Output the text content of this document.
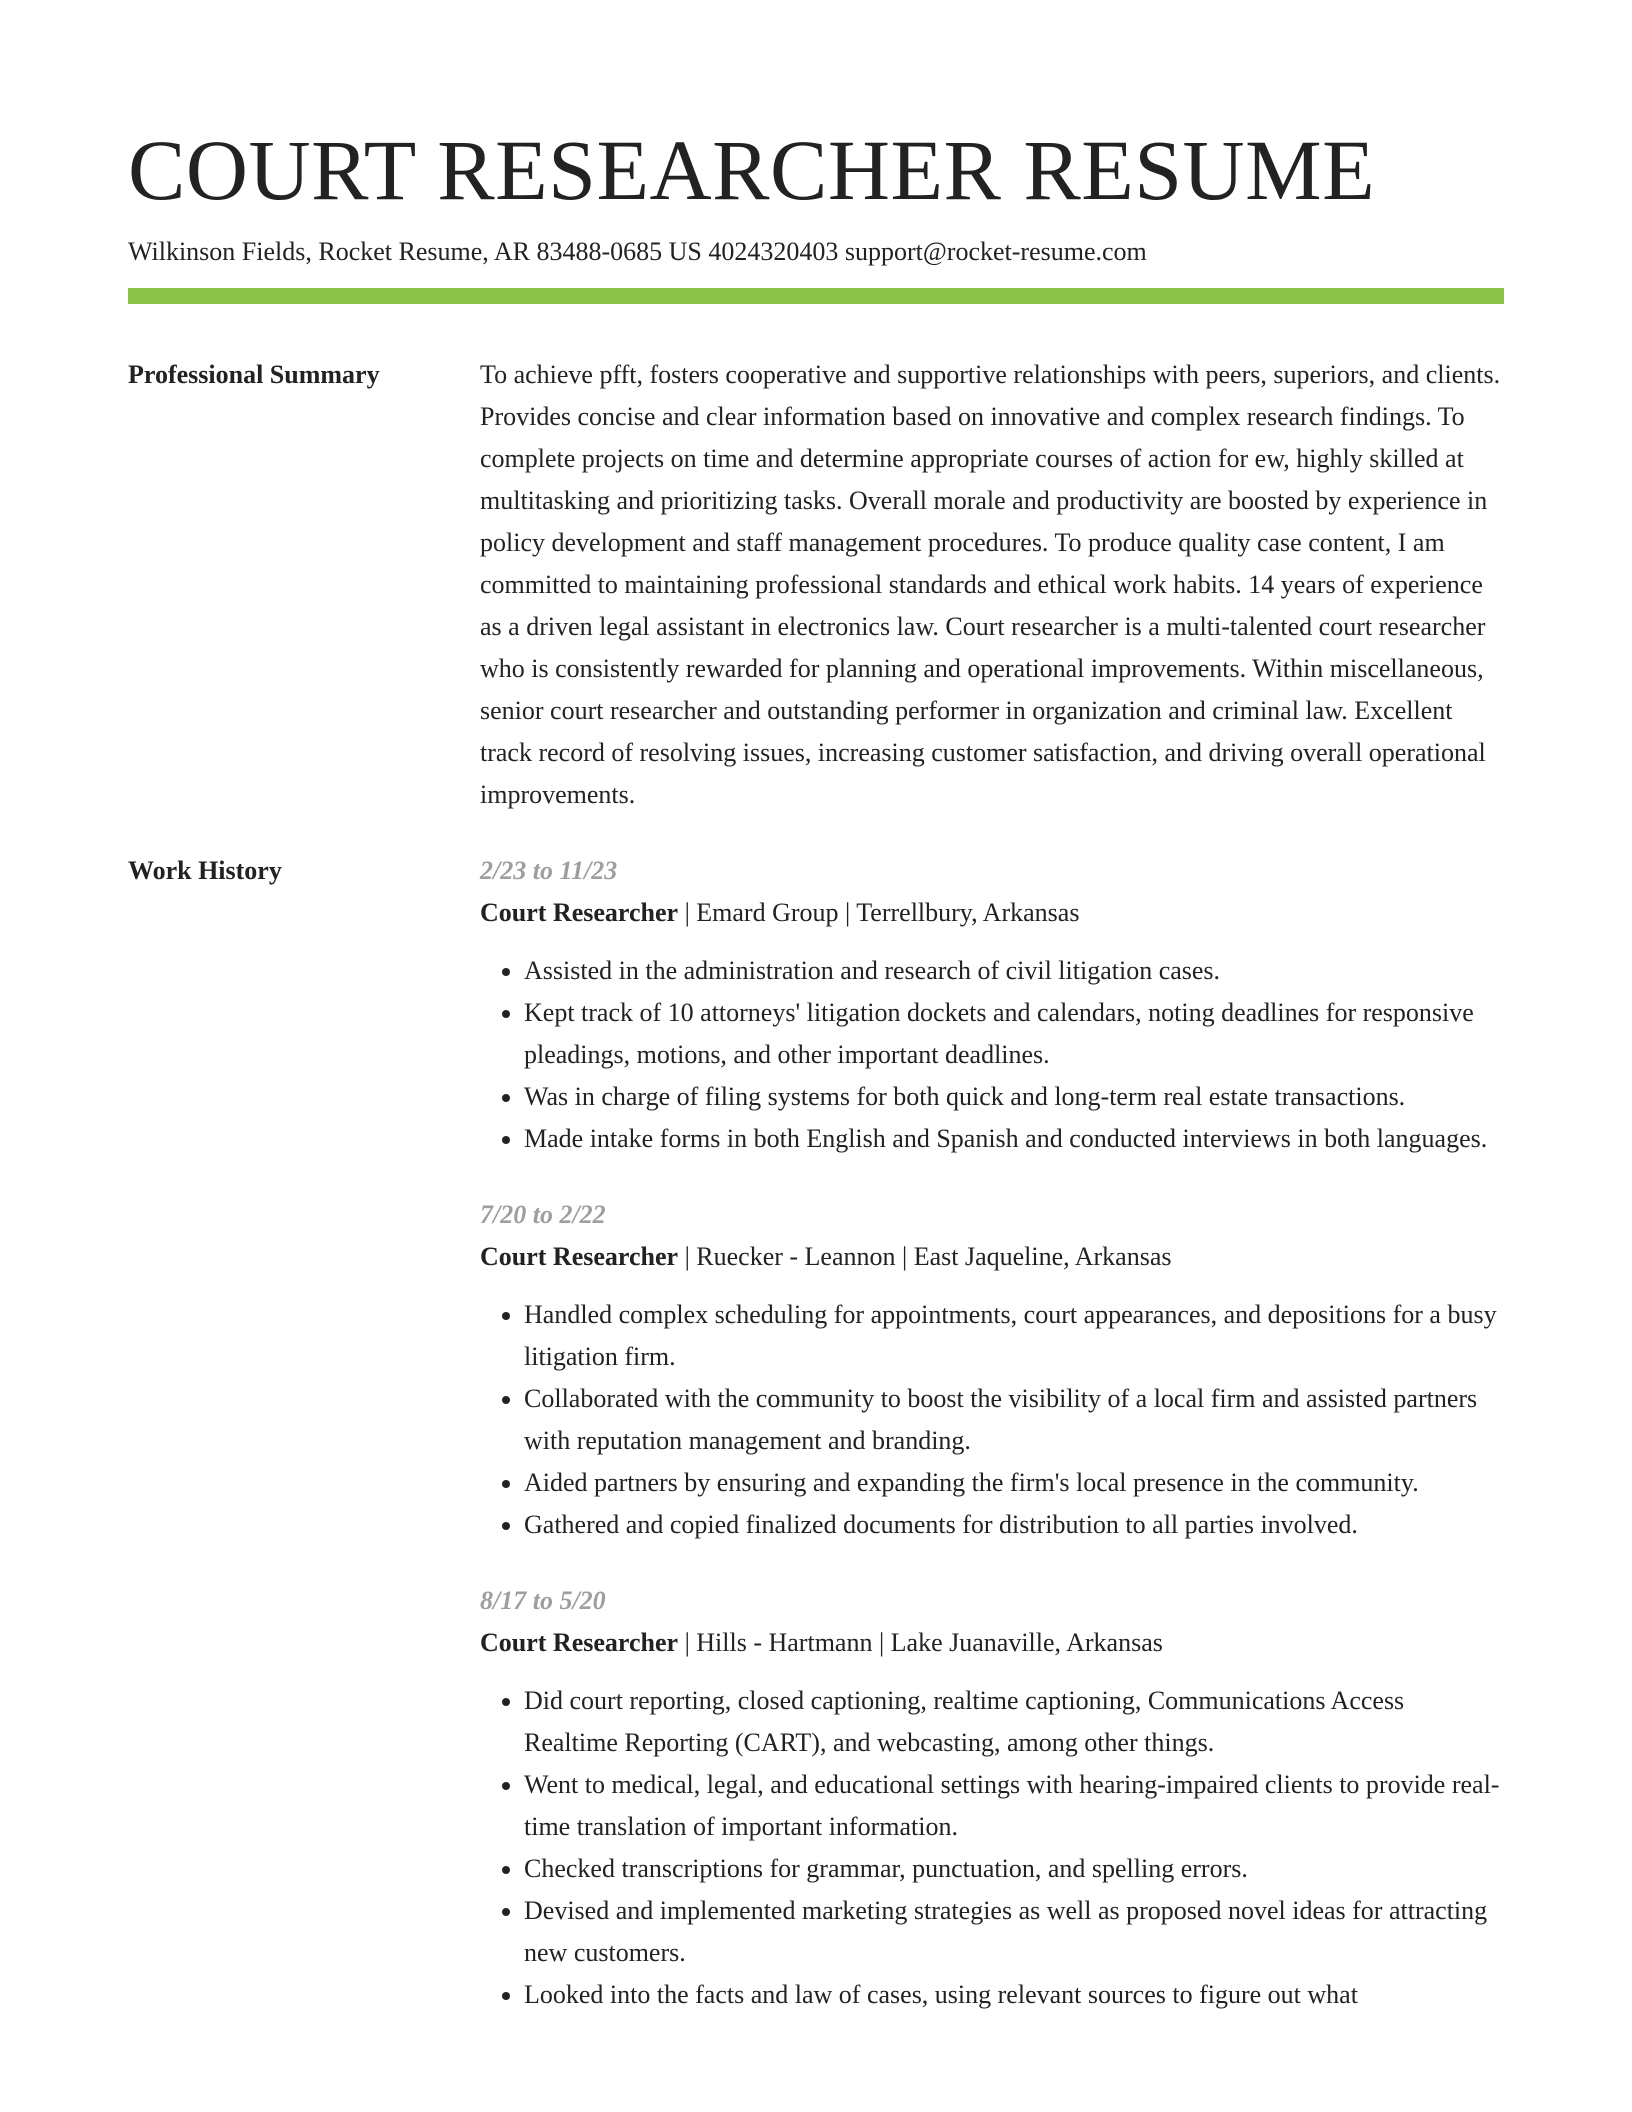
COURT RESEARCHER RESUME
Wilkinson Fields, Rocket Resume, AR 83488-0685 US 4024320403 support@rocket-resume.com
Professional Summary	To achieve pfft, fosters cooperative and supportive relationships with peers, superiors, and clients. Provides concise and clear information based on innovative and complex research findings. To complete projects on time and determine appropriate courses of action for ew, highly skilled at multitasking and prioritizing tasks. Overall morale and productivity are boosted by experience in policy development and staff management procedures. To produce quality case content, I am committed to maintaining professional standards and ethical work habits. 14 years of experience as a driven legal assistant in electronics law. Court researcher is a multi-talented court researcher who is consistently rewarded for planning and operational improvements. Within miscellaneous, senior court researcher and outstanding performer in organization and criminal law. Excellent track record of resolving issues, increasing customer satisfaction, and driving overall operational improvements.

Work History	2/23 to 11/23
Court Researcher | Emard Group | Terrellbury, Arkansas
• Assisted in the administration and research of civil litigation cases.
• Kept track of 10 attorneys' litigation dockets and calendars, noting deadlines for responsive pleadings, motions, and other important deadlines.
• Was in charge of filing systems for both quick and long-term real estate transactions.
• Made intake forms in both English and Spanish and conducted interviews in both languages.
7/20 to 2/22
Court Researcher | Ruecker - Leannon | East Jaqueline, Arkansas
• Handled complex scheduling for appointments, court appearances, and depositions for a busy litigation firm.
• Collaborated with the community to boost the visibility of a local firm and assisted partners with reputation management and branding.
• Aided partners by ensuring and expanding the firm's local presence in the community.
• Gathered and copied finalized documents for distribution to all parties involved.
8/17 to 5/20
Court Researcher | Hills - Hartmann | Lake Juanaville, Arkansas
• Did court reporting, closed captioning, realtime captioning, Communications Access Realtime Reporting (CART), and webcasting, among other things.
• Went to medical, legal, and educational settings with hearing-impaired clients to provide real-time translation of important information.
• Checked transcriptions for grammar, punctuation, and spelling errors.
• Devised and implemented marketing strategies as well as proposed novel ideas for attracting new customers.
• Looked into the facts and law of cases, using relevant sources to figure out what
